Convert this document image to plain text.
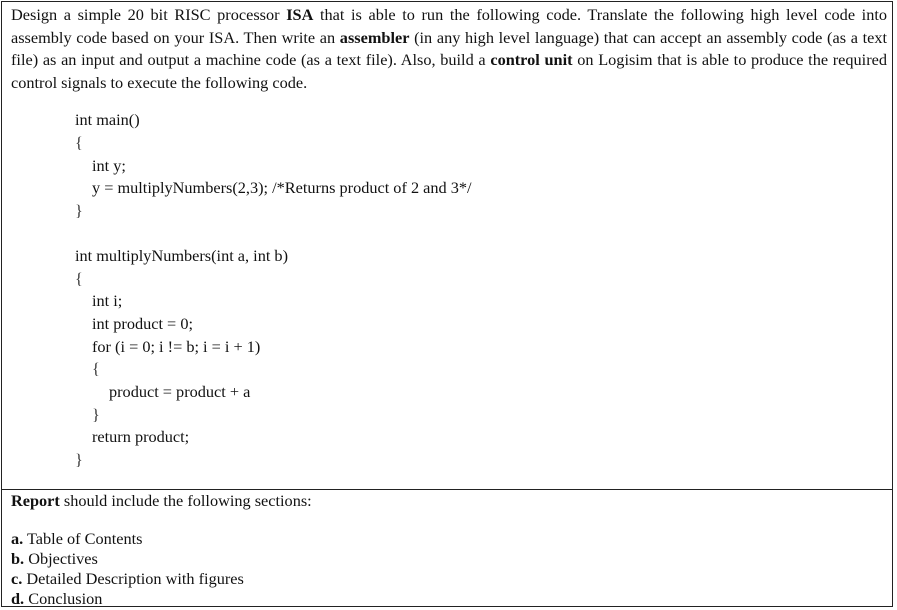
Design a simple 20 bit RISC processor ISA that is able to run the following code. Translate the following high level code into assembly code based on your ISA. Then write an assembler (in any high level language) that can accept an assembly code (as a text file) as an input and output a machine code (as a text file). Also, build a control unit on Logisim that is able to produce the required control signals to execute the following code.

int main()

{

int y;

y = multiplyNumbers(2,3); /*Returns product of 2 and 3*/

}

int multiplyNumbers(int a, int b)

{

int i;

int product = 0;

for (i = 0; i != b; i = i + 1)

{

product = product + a

}

return product;

}

Report should include the following sections:

a. Table of Contents

b. Objectives

c. Detailed Description with figures

d. Conclusion
